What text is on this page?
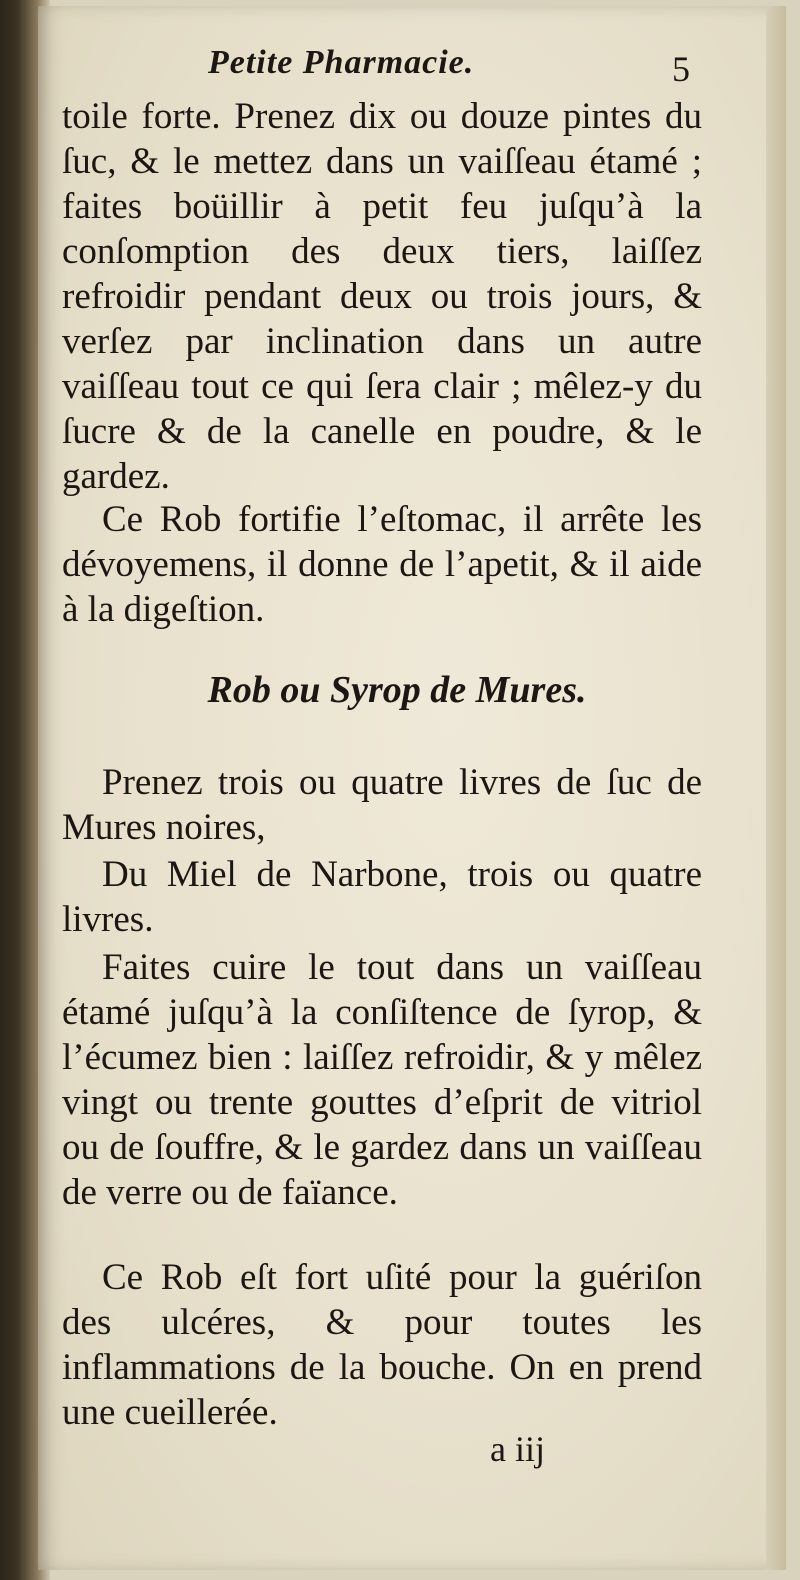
Petite Pharmacie.	5

toile forte. Prenez dix ou douze pintes du ſuc, & le mettez dans un vaiſſeau étamé ; faites boüillir à petit feu juſqu’à la conſomption des deux tiers, laiſſez refroidir pendant deux ou trois jours, & verſez par inclination dans un autre vaiſſeau tout ce qui ſera clair ; mêlez-y du ſucre & de la canelle en poudre, & le gardez.

Ce Rob fortifie l’eſtomac, il arrête les dévoyemens, il donne de l’apetit, & il aide à la digeſtion.

Rob ou Syrop de Mures.

Prenez trois ou quatre livres de ſuc de Mures noires,

Du Miel de Narbone, trois ou quatre livres.

Faites cuire le tout dans un vaiſſeau étamé juſqu’à la conſiſtence de ſyrop, & l’écumez bien : laiſſez refroidir, & y mêlez vingt ou trente gouttes d’eſprit de vitriol ou de ſouffre, & le gardez dans un vaiſſeau de verre ou de faïance.

Ce Rob eſt fort uſité pour la guériſon des ulcéres, & pour toutes les inflammations de la bouche. On en prend une cueillerée.

a iij
